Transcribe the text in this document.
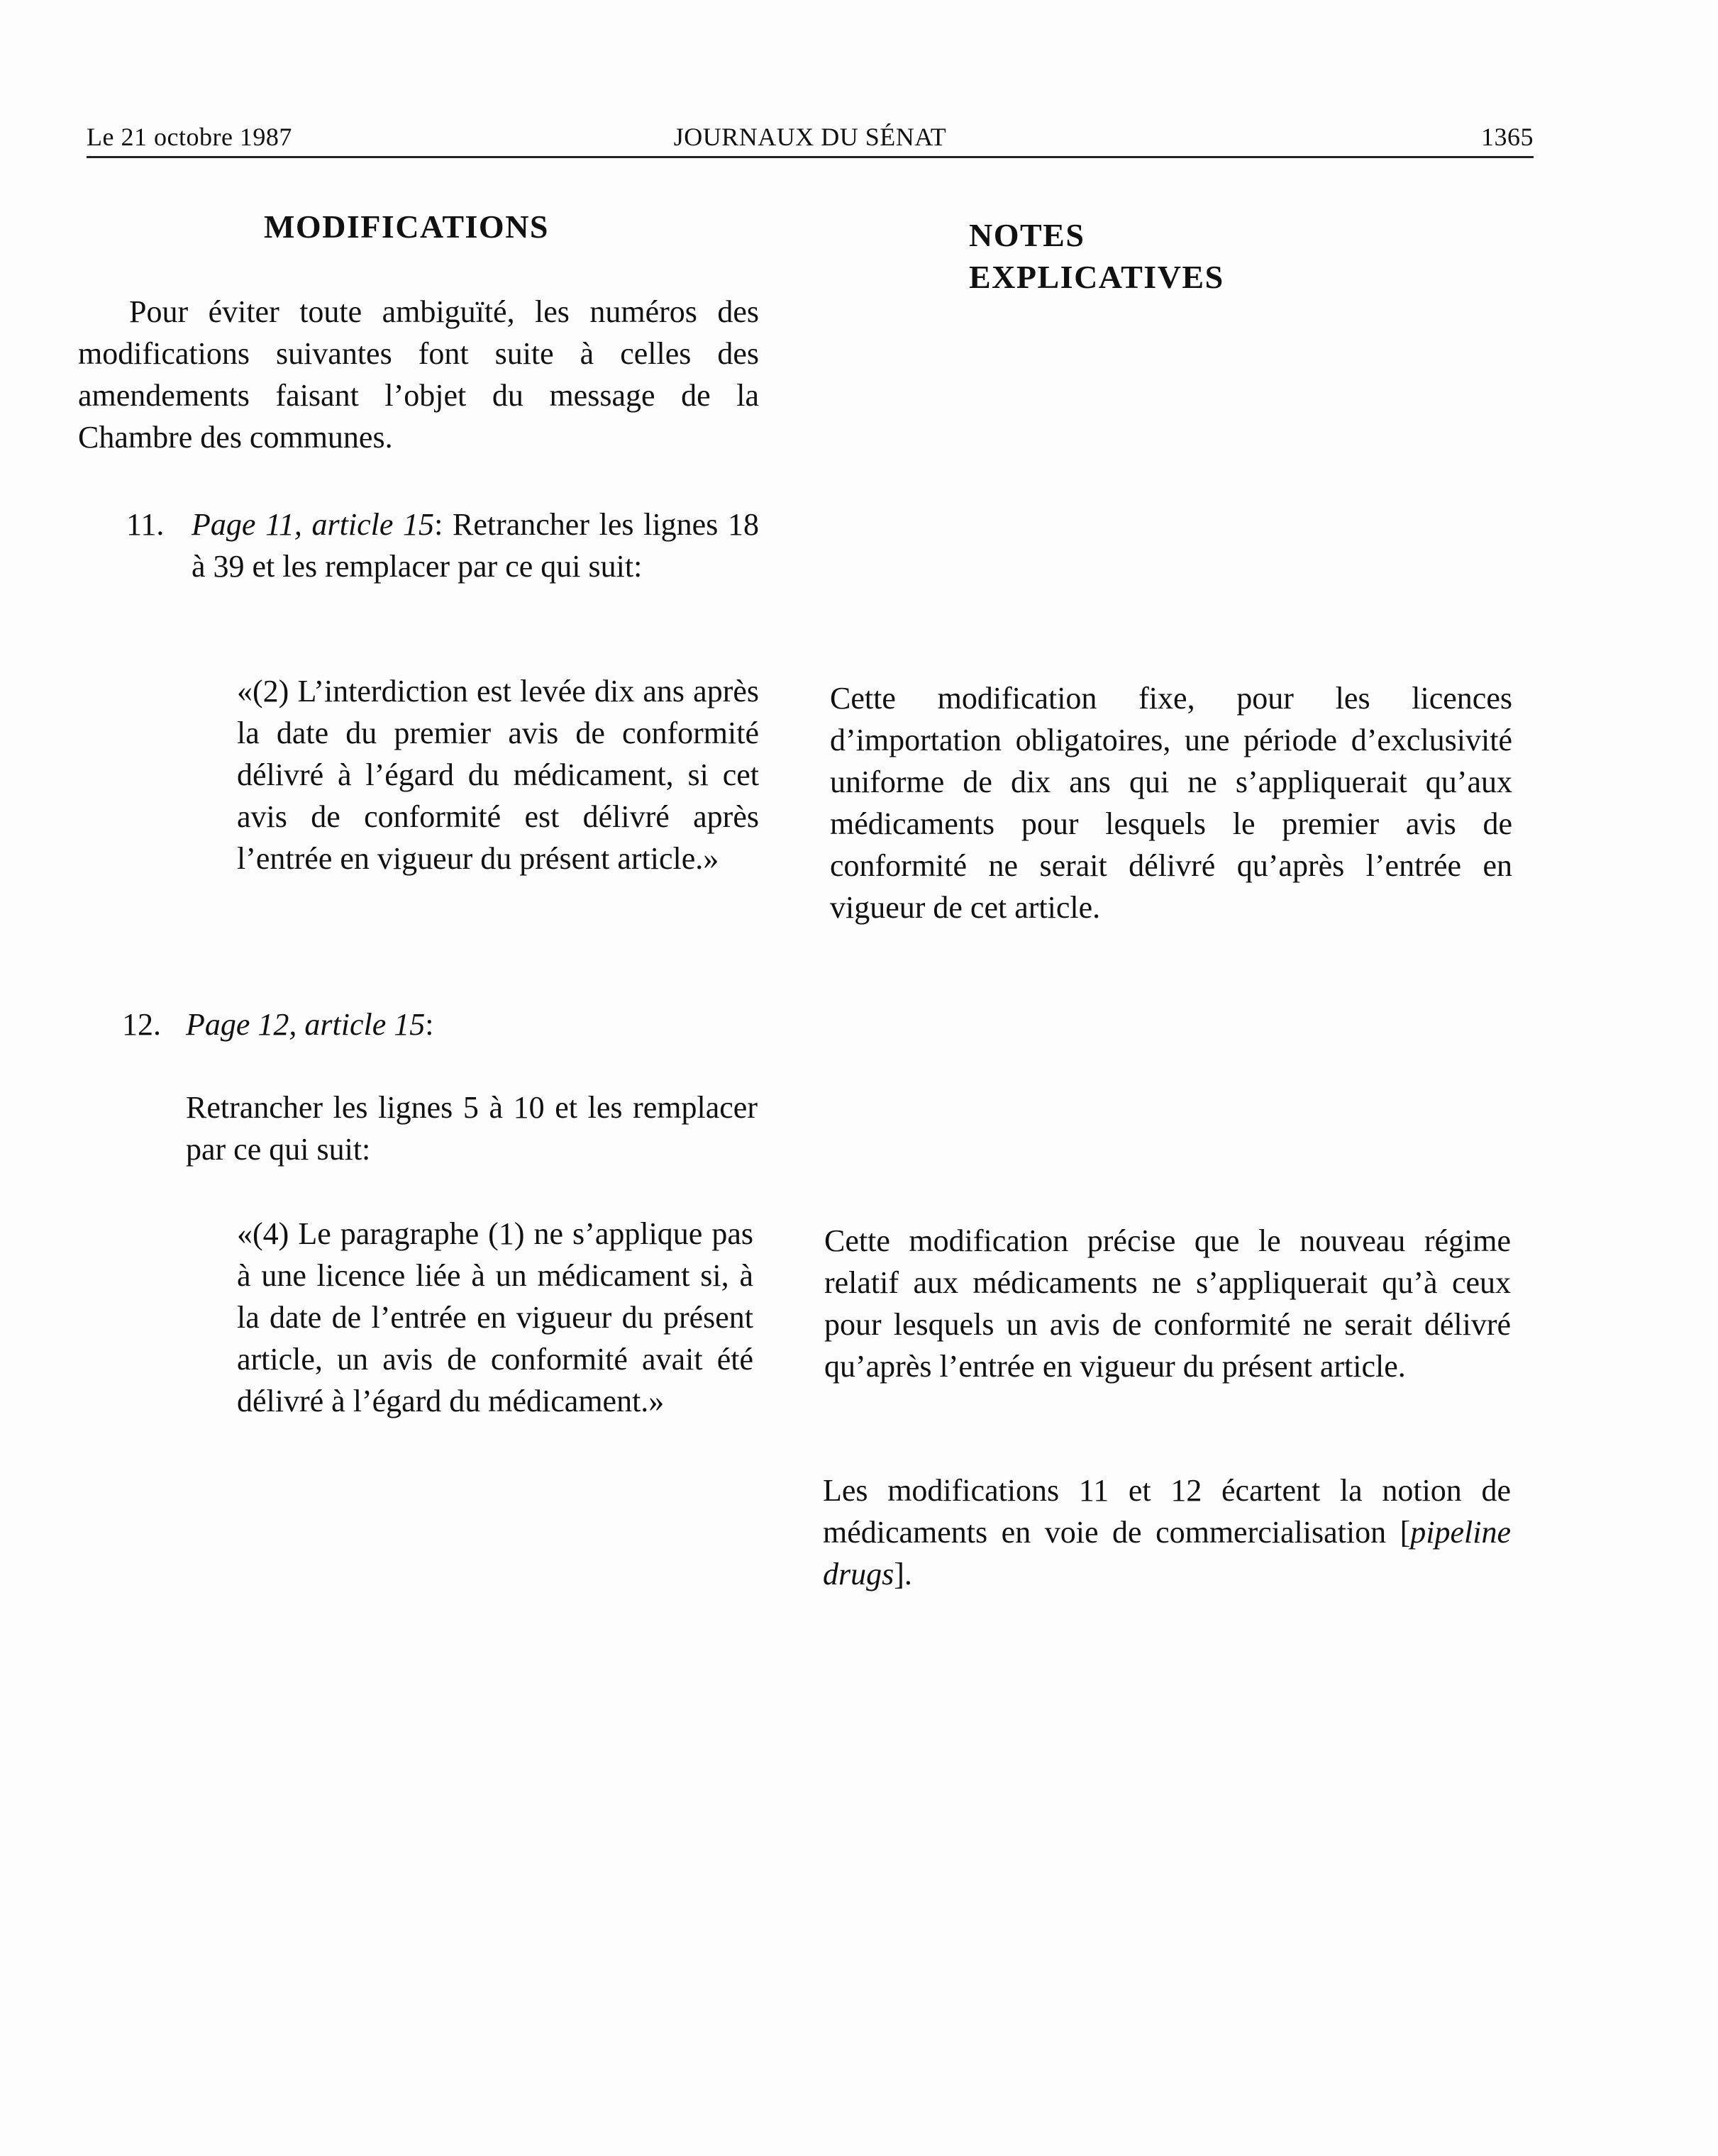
Le 21 octobre 1987	JOURNAUX DU SÉNAT	1365
MODIFICATIONS

Pour éviter toute ambiguïté, les numéros des modifications suivantes font suite à celles des amendements faisant l’objet du message de la Chambre des communes.

11. Page 11, article 15: Retrancher les lignes 18 à 39 et les remplacer par ce qui suit:

«(2) L’interdiction est levée dix ans après la date du premier avis de conformité délivré à l’égard du médicament, si cet avis de conformité est délivré après l’entrée en vigueur du présent article.»

12. Page 12, article 15:

Retrancher les lignes 5 à 10 et les remplacer par ce qui suit:

«(4) Le paragraphe (1) ne s’applique pas à une licence liée à un médicament si, à la date de l’entrée en vigueur du présent article, un avis de conformité avait été délivré à l’égard du médicament.»

NOTES EXPLICATIVES

Cette modification fixe, pour les licences d’importation obligatoires, une période d’exclusivité uniforme de dix ans qui ne s’appliquerait qu’aux médicaments pour lesquels le premier avis de conformité ne serait délivré qu’après l’entrée en vigueur de cet article.

Cette modification précise que le nouveau régime relatif aux médicaments ne s’appliquerait qu’à ceux pour lesquels un avis de conformité ne serait délivré qu’après l’entrée en vigueur du présent article.

Les modifications 11 et 12 écartent la notion de médicaments en voie de commercialisation [pipeline drugs].
